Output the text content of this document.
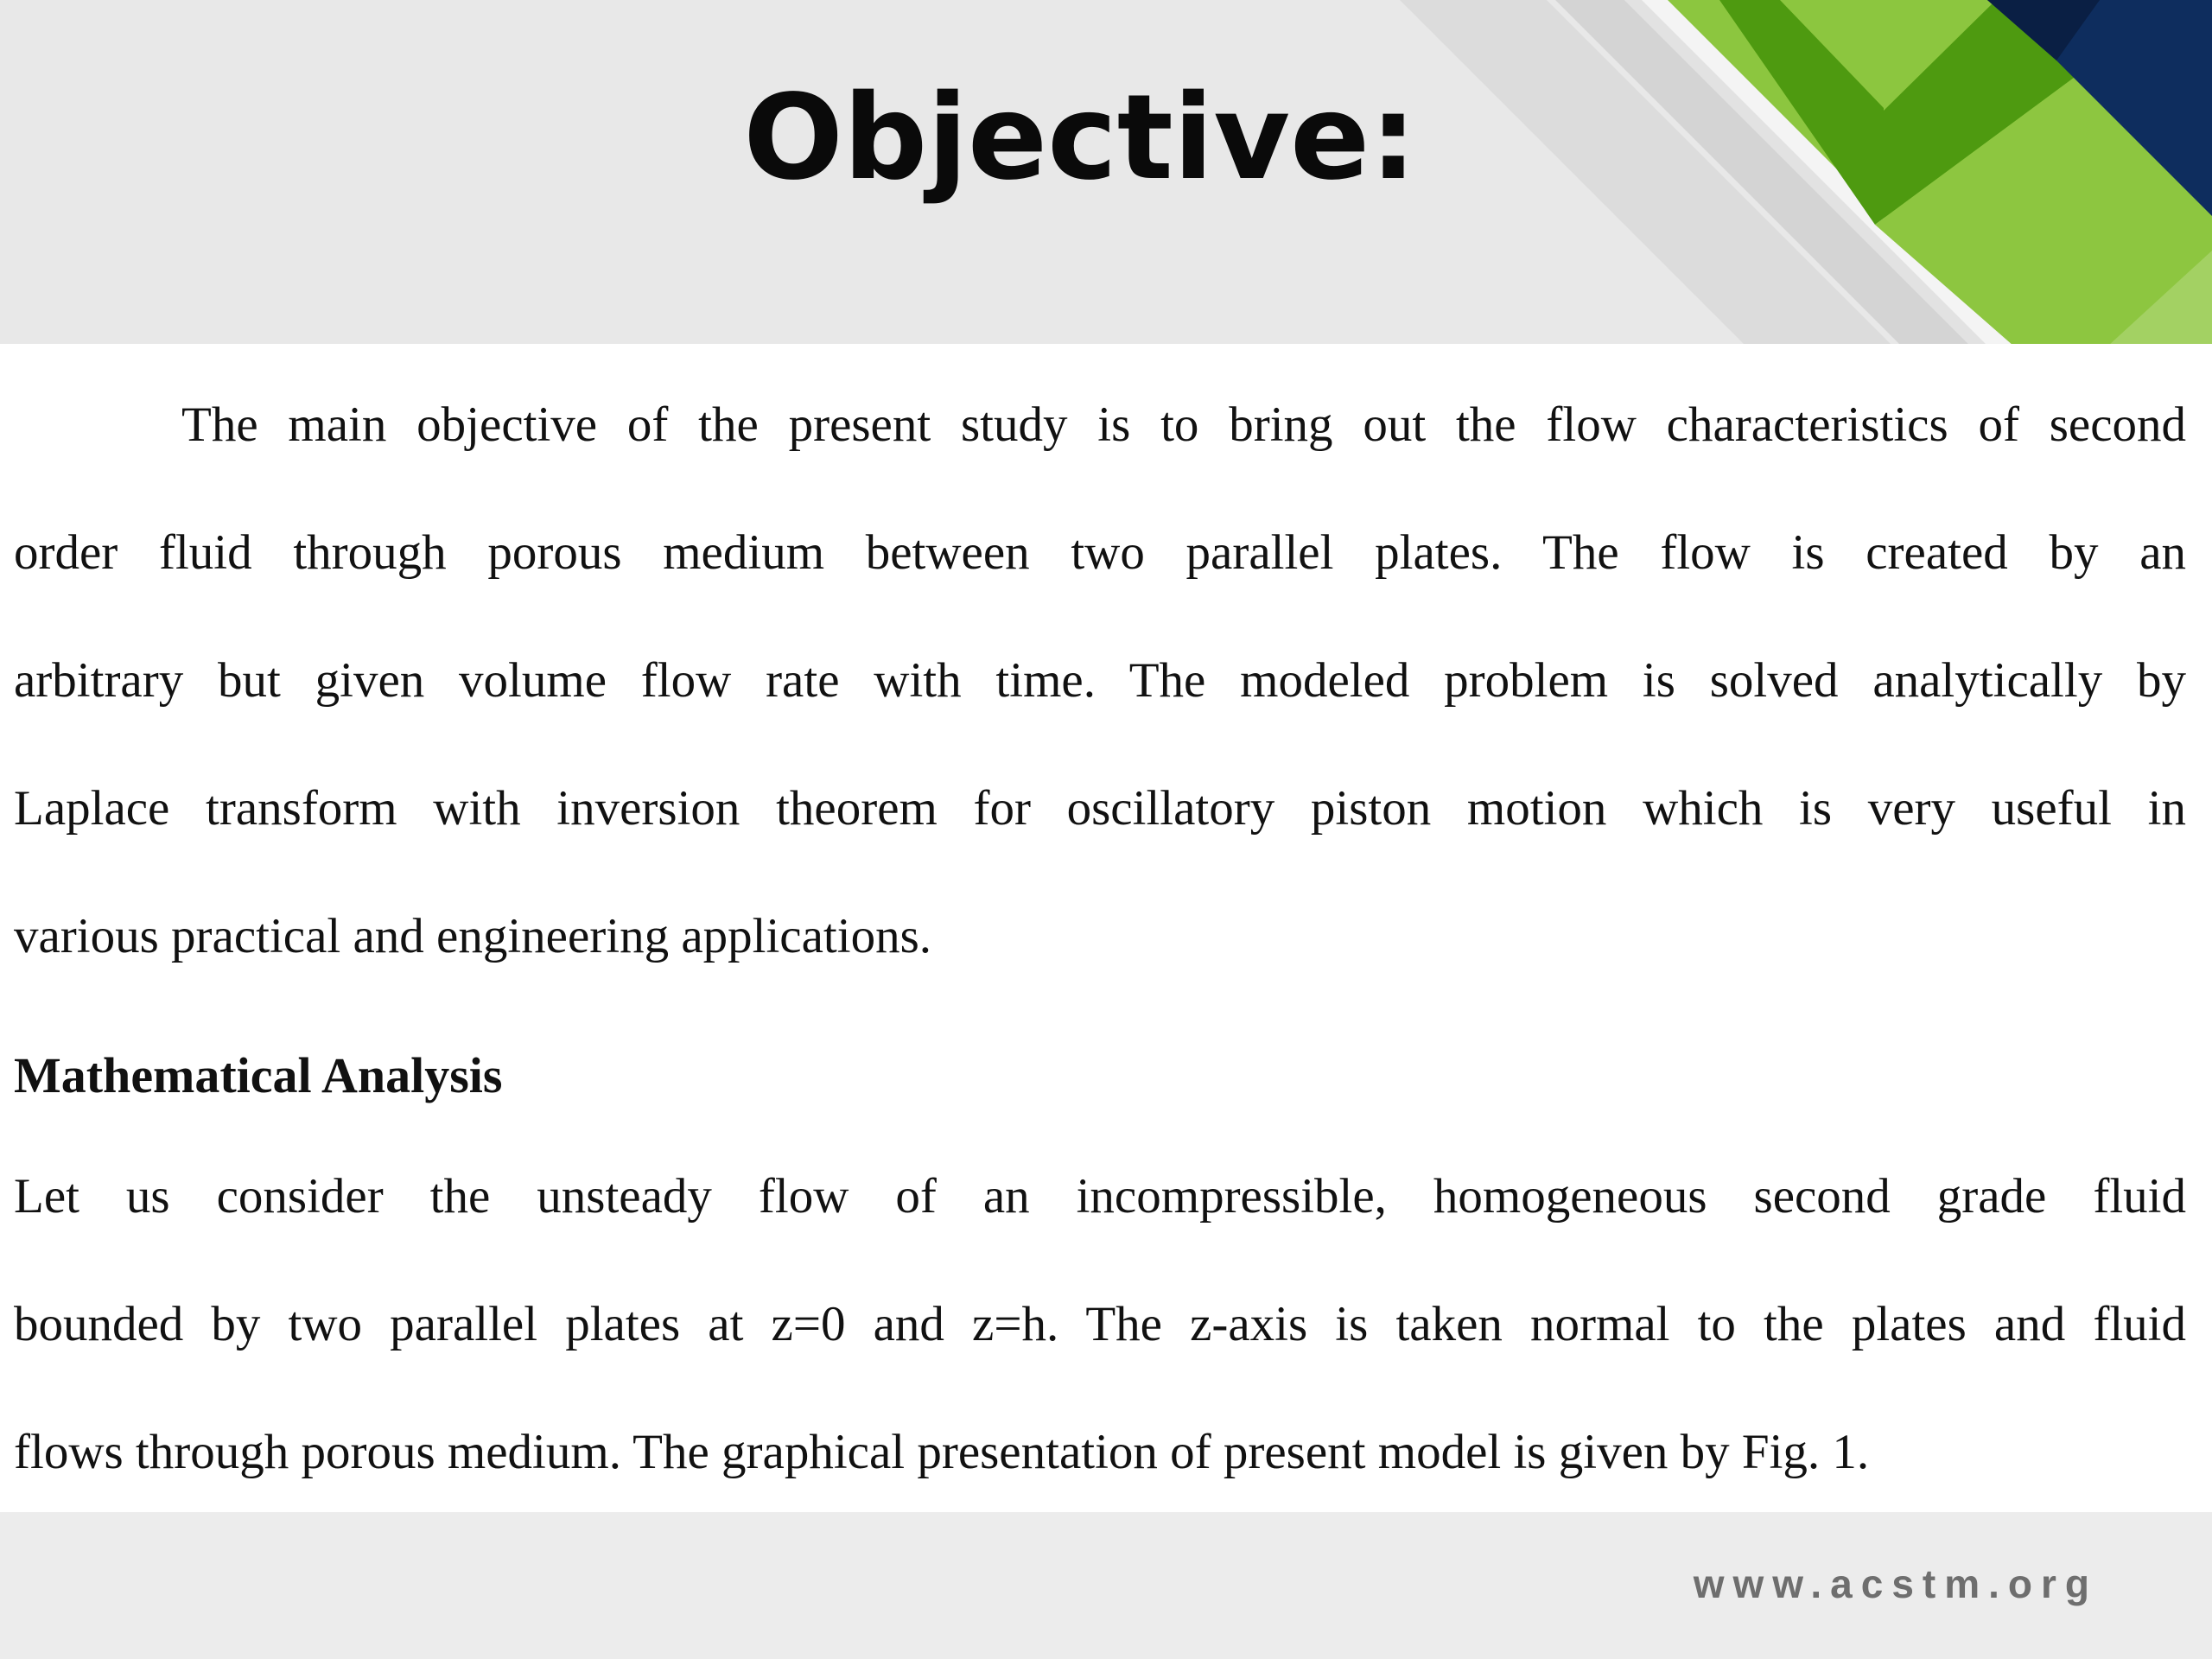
Objective:
The main objective of the present study is to bring out the flow characteristics of second
order fluid through porous medium between two parallel plates. The flow is created by an
arbitrary but given volume flow rate with time. The modeled problem is solved analytically by
Laplace transform with inversion theorem for oscillatory piston motion which is very useful in
various practical and engineering applications.
Mathematical Analysis
Let us consider the unsteady flow of an incompressible, homogeneous second grade fluid
bounded by two parallel plates at z=0 and z=h. The z-axis is taken normal to the plates and fluid
flows through porous medium. The graphical presentation of present model is given by Fig. 1.
www.acstm.org
